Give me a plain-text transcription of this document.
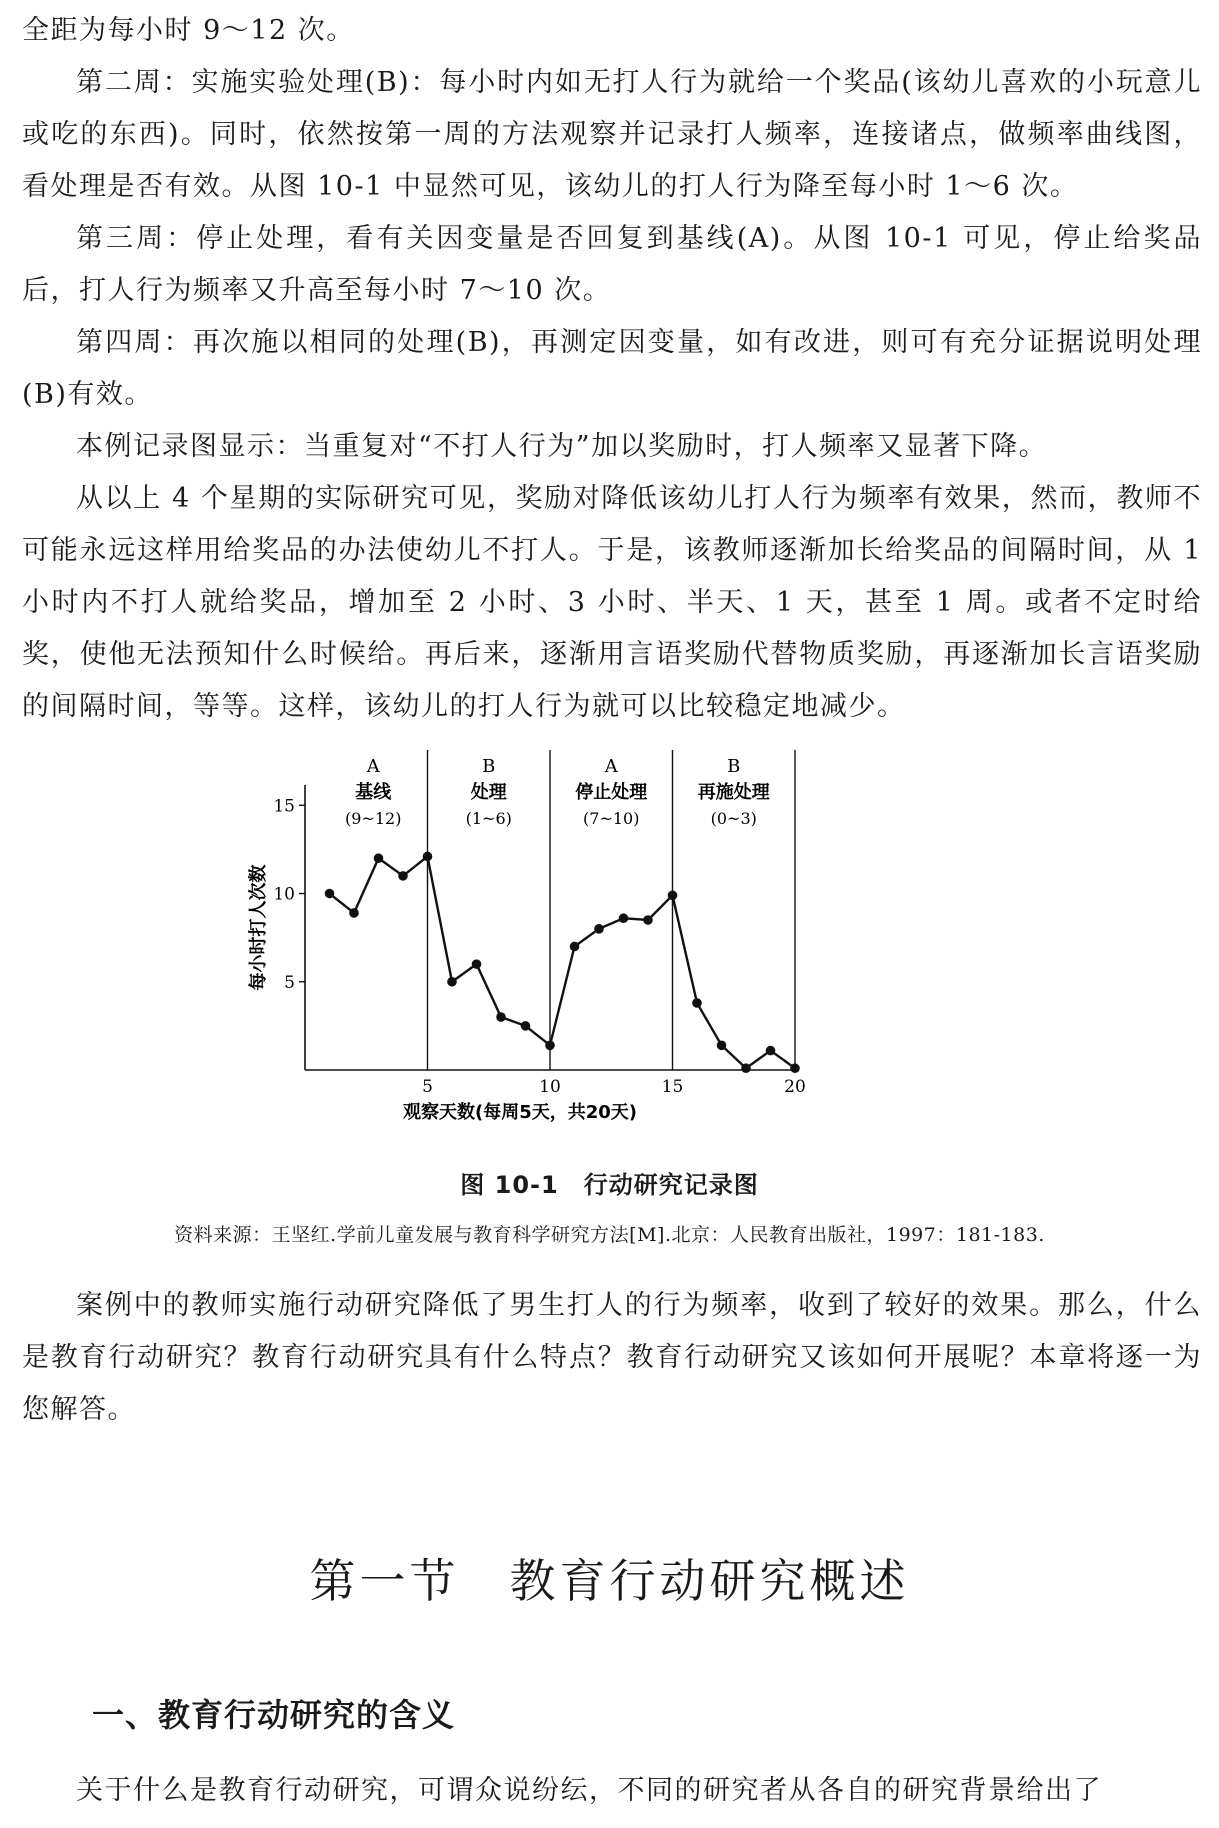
全距为每小时 9～12 次。

第二周：实施实验处理(B)：每小时内如无打人行为就给一个奖品(该幼儿喜欢的小玩意儿或吃的东西)。同时，依然按第一周的方法观察并记录打人频率，连接诸点，做频率曲线图，看处理是否有效。从图 10-1 中显然可见，该幼儿的打人行为降至每小时 1～6 次。

第三周：停止处理，看有关因变量是否回复到基线(A)。从图 10-1 可见，停止给奖品后，打人行为频率又升高至每小时 7～10 次。

第四周：再次施以相同的处理(B)，再测定因变量，如有改进，则可有充分证据说明处理(B)有效。

本例记录图显示：当重复对“不打人行为”加以奖励时，打人频率又显著下降。

从以上 4 个星期的实际研究可见，奖励对降低该幼儿打人行为频率有效果，然而，教师不可能永远这样用给奖品的办法使幼儿不打人。于是，该教师逐渐加长给奖品的间隔时间，从 1 小时内不打人就给奖品，增加至 2 小时、3 小时、半天、1 天，甚至 1 周。或者不定时给奖，使他无法预知什么时候给。再后来，逐渐用言语奖励代替物质奖励，再逐渐加长言语奖励的间隔时间，等等。这样，该幼儿的打人行为就可以比较稳定地减少。

5
10
15
5	10	15	20
A
基线
(9~12)
B
处理
(1~6)
A
停止处理
(7~10)
B
再施处理
(0~3)
观察天数(每周5天，共20天)
每小时打人次数
图 10-1　行动研究记录图
资料来源：王坚红.学前儿童发展与教育科学研究方法[M].北京：人民教育出版社，1997：181-183.

案例中的教师实施行动研究降低了男生打人的行为频率，收到了较好的效果。那么，什么是教育行动研究？教育行动研究具有什么特点？教育行动研究又该如何开展呢？本章将逐一为您解答。

第一节　教育行动研究概述
一、教育行动研究的含义

关于什么是教育行动研究，可谓众说纷纭，不同的研究者从各自的研究背景给出了
